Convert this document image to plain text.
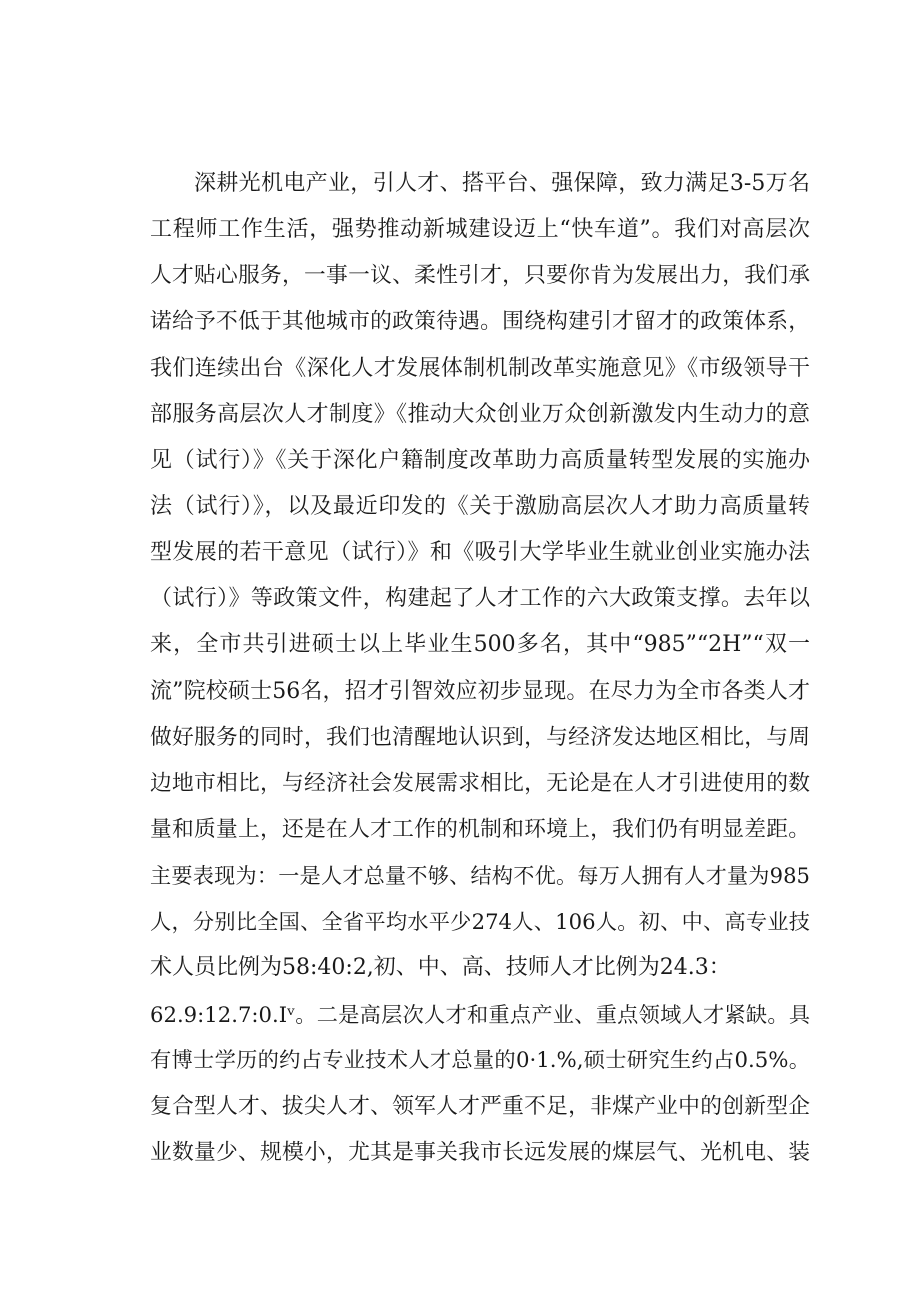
深耕光机电产业，引人才、搭平台、强保障，致力满足3-5万名
工程师工作生活，强势推动新城建设迈上“快车道”。我们对高层次
人才贴心服务，一事一议、柔性引才，只要你肯为发展出力，我们承
诺给予不低于其他城市的政策待遇。围绕构建引才留才的政策体系，
我们连续出台《深化人才发展体制机制改革实施意见》《市级领导干
部服务高层次人才制度》《推动大众创业万众创新激发内生动力的意
见（试行）》《关于深化户籍制度改革助力高质量转型发展的实施办
法（试行）》，以及最近印发的《关于激励高层次人才助力高质量转
型发展的若干意见（试行）》和《吸引大学毕业生就业创业实施办法
（试行）》等政策文件，构建起了人才工作的六大政策支撑。去年以
来，全市共引进硕士以上毕业生500多名，其中“985”“2H”“双一
流”院校硕士56名，招才引智效应初步显现。在尽力为全市各类人才
做好服务的同时，我们也清醒地认识到，与经济发达地区相比，与周
边地市相比，与经济社会发展需求相比，无论是在人才引进使用的数
量和质量上，还是在人才工作的机制和环境上，我们仍有明显差距。
主要表现为：一是人才总量不够、结构不优。每万人拥有人才量为985
人，分别比全国、全省平均水平少274人、106人。初、中、高专业技
术人员比例为58:40:2,初、中、高、技师人才比例为24.3：
62.9:12.7:0.Iᵛ。二是高层次人才和重点产业、重点领域人才紧缺。具
有博士学历的约占专业技术人才总量的0·1.%,硕士研究生约占0.5%。
复合型人才、拔尖人才、领军人才严重不足，非煤产业中的创新型企
业数量少、规模小，尤其是事关我市长远发展的煤层气、光机电、装
